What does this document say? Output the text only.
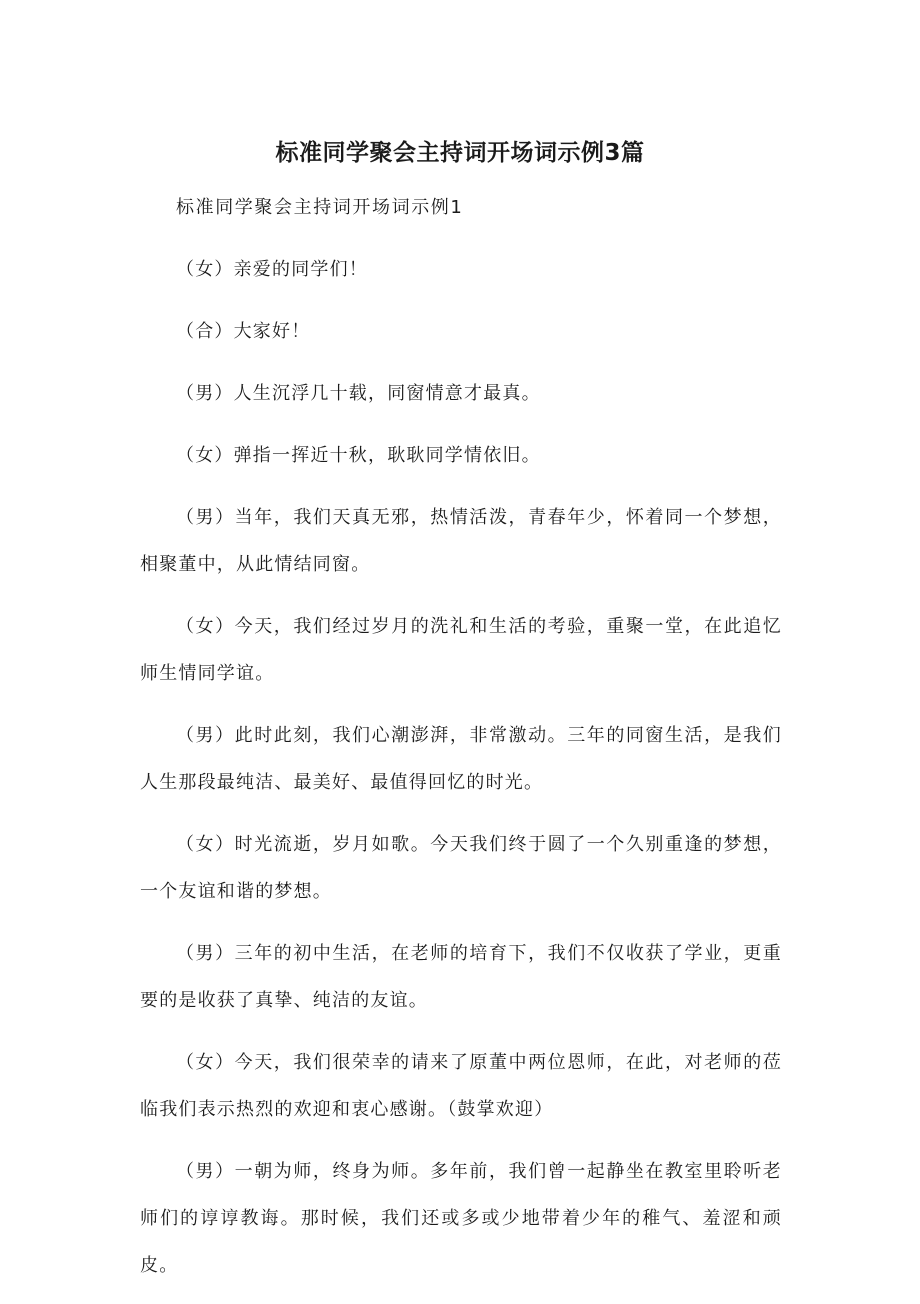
标准同学聚会主持词开场词示例3篇

标准同学聚会主持词开场词示例1

（女）亲爱的同学们！

（合）大家好！

（男）人生沉浮几十载，同窗情意才最真。

（女）弹指一挥近十秋，耿耿同学情依旧。

（男）当年，我们天真无邪，热情活泼，青春年少，怀着同一个梦想，相聚董中，从此情结同窗。

（女）今天，我们经过岁月的洗礼和生活的考验，重聚一堂，在此追忆师生情同学谊。

（男）此时此刻，我们心潮澎湃，非常激动。三年的同窗生活，是我们人生那段最纯洁、最美好、最值得回忆的时光。

（女）时光流逝，岁月如歌。今天我们终于圆了一个久别重逢的梦想，一个友谊和谐的梦想。

（男）三年的初中生活，在老师的培育下，我们不仅收获了学业，更重要的是收获了真挚、纯洁的友谊。

（女）今天，我们很荣幸的请来了原董中两位恩师，在此，对老师的莅临我们表示热烈的欢迎和衷心感谢。（鼓掌欢迎）

（男）一朝为师，终身为师。多年前，我们曾一起静坐在教室里聆听老师们的谆谆教诲。那时候，我们还或多或少地带着少年的稚气、羞涩和顽皮。
